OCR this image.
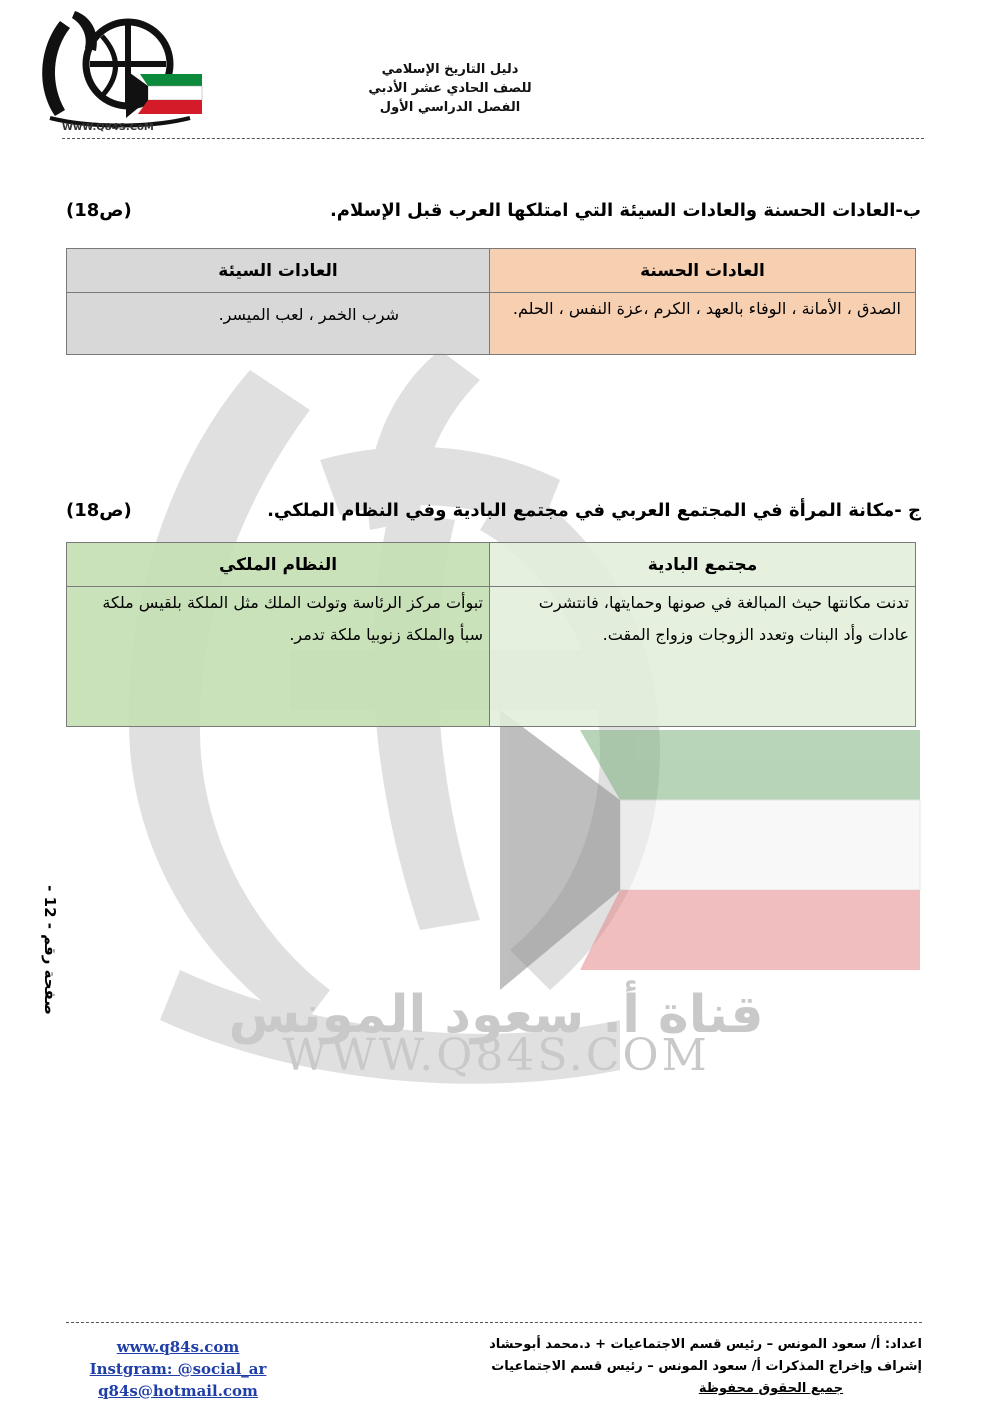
قناة أ. سعود المونس
WWW.Q84S.COM
WwW.Q84S.CoM
دليل التاريخ الإسلامي
للصف الحادي عشر الأدبي
الفصل الدراسي الأول
ب-العادات الحسنة والعادات السيئة التي امتلكها العرب قبل الإسلام.
(ص18)
العادات الحسنة	العادات السيئة
الصدق ، الأمانة ، الوفاء بالعهد ، الكرم ،عزة النفس ، الحلم.	شرب الخمر ، لعب الميسر.
ج -مكانة المرأة في المجتمع العربي في مجتمع البادية وفي النظام الملكي.
(ص18)
مجتمع البادية	النظام الملكي
تدنت مكانتها حيث المبالغة في صونها وحمايتها، فانتشرت عادات وأد البنات وتعدد الزوجات وزواج المقت.	تبوأت مركز الرئاسة وتولت الملك مثل الملكة بلقيس ملكة سبأ والملكة زنوبيا ملكة تدمر.
صفحة رقم - 12 -
www.q84s.com
Instgram: @social_ar
q84s@hotmail.com
اعداد: أ/ سعود المونس – رئيس قسم الاجتماعيات + د.محمد أبوحشاد
إشراف وإخراج المذكرات أ/ سعود المونس – رئيس قسم الاجتماعيات
جميع الحقوق محفوظة
